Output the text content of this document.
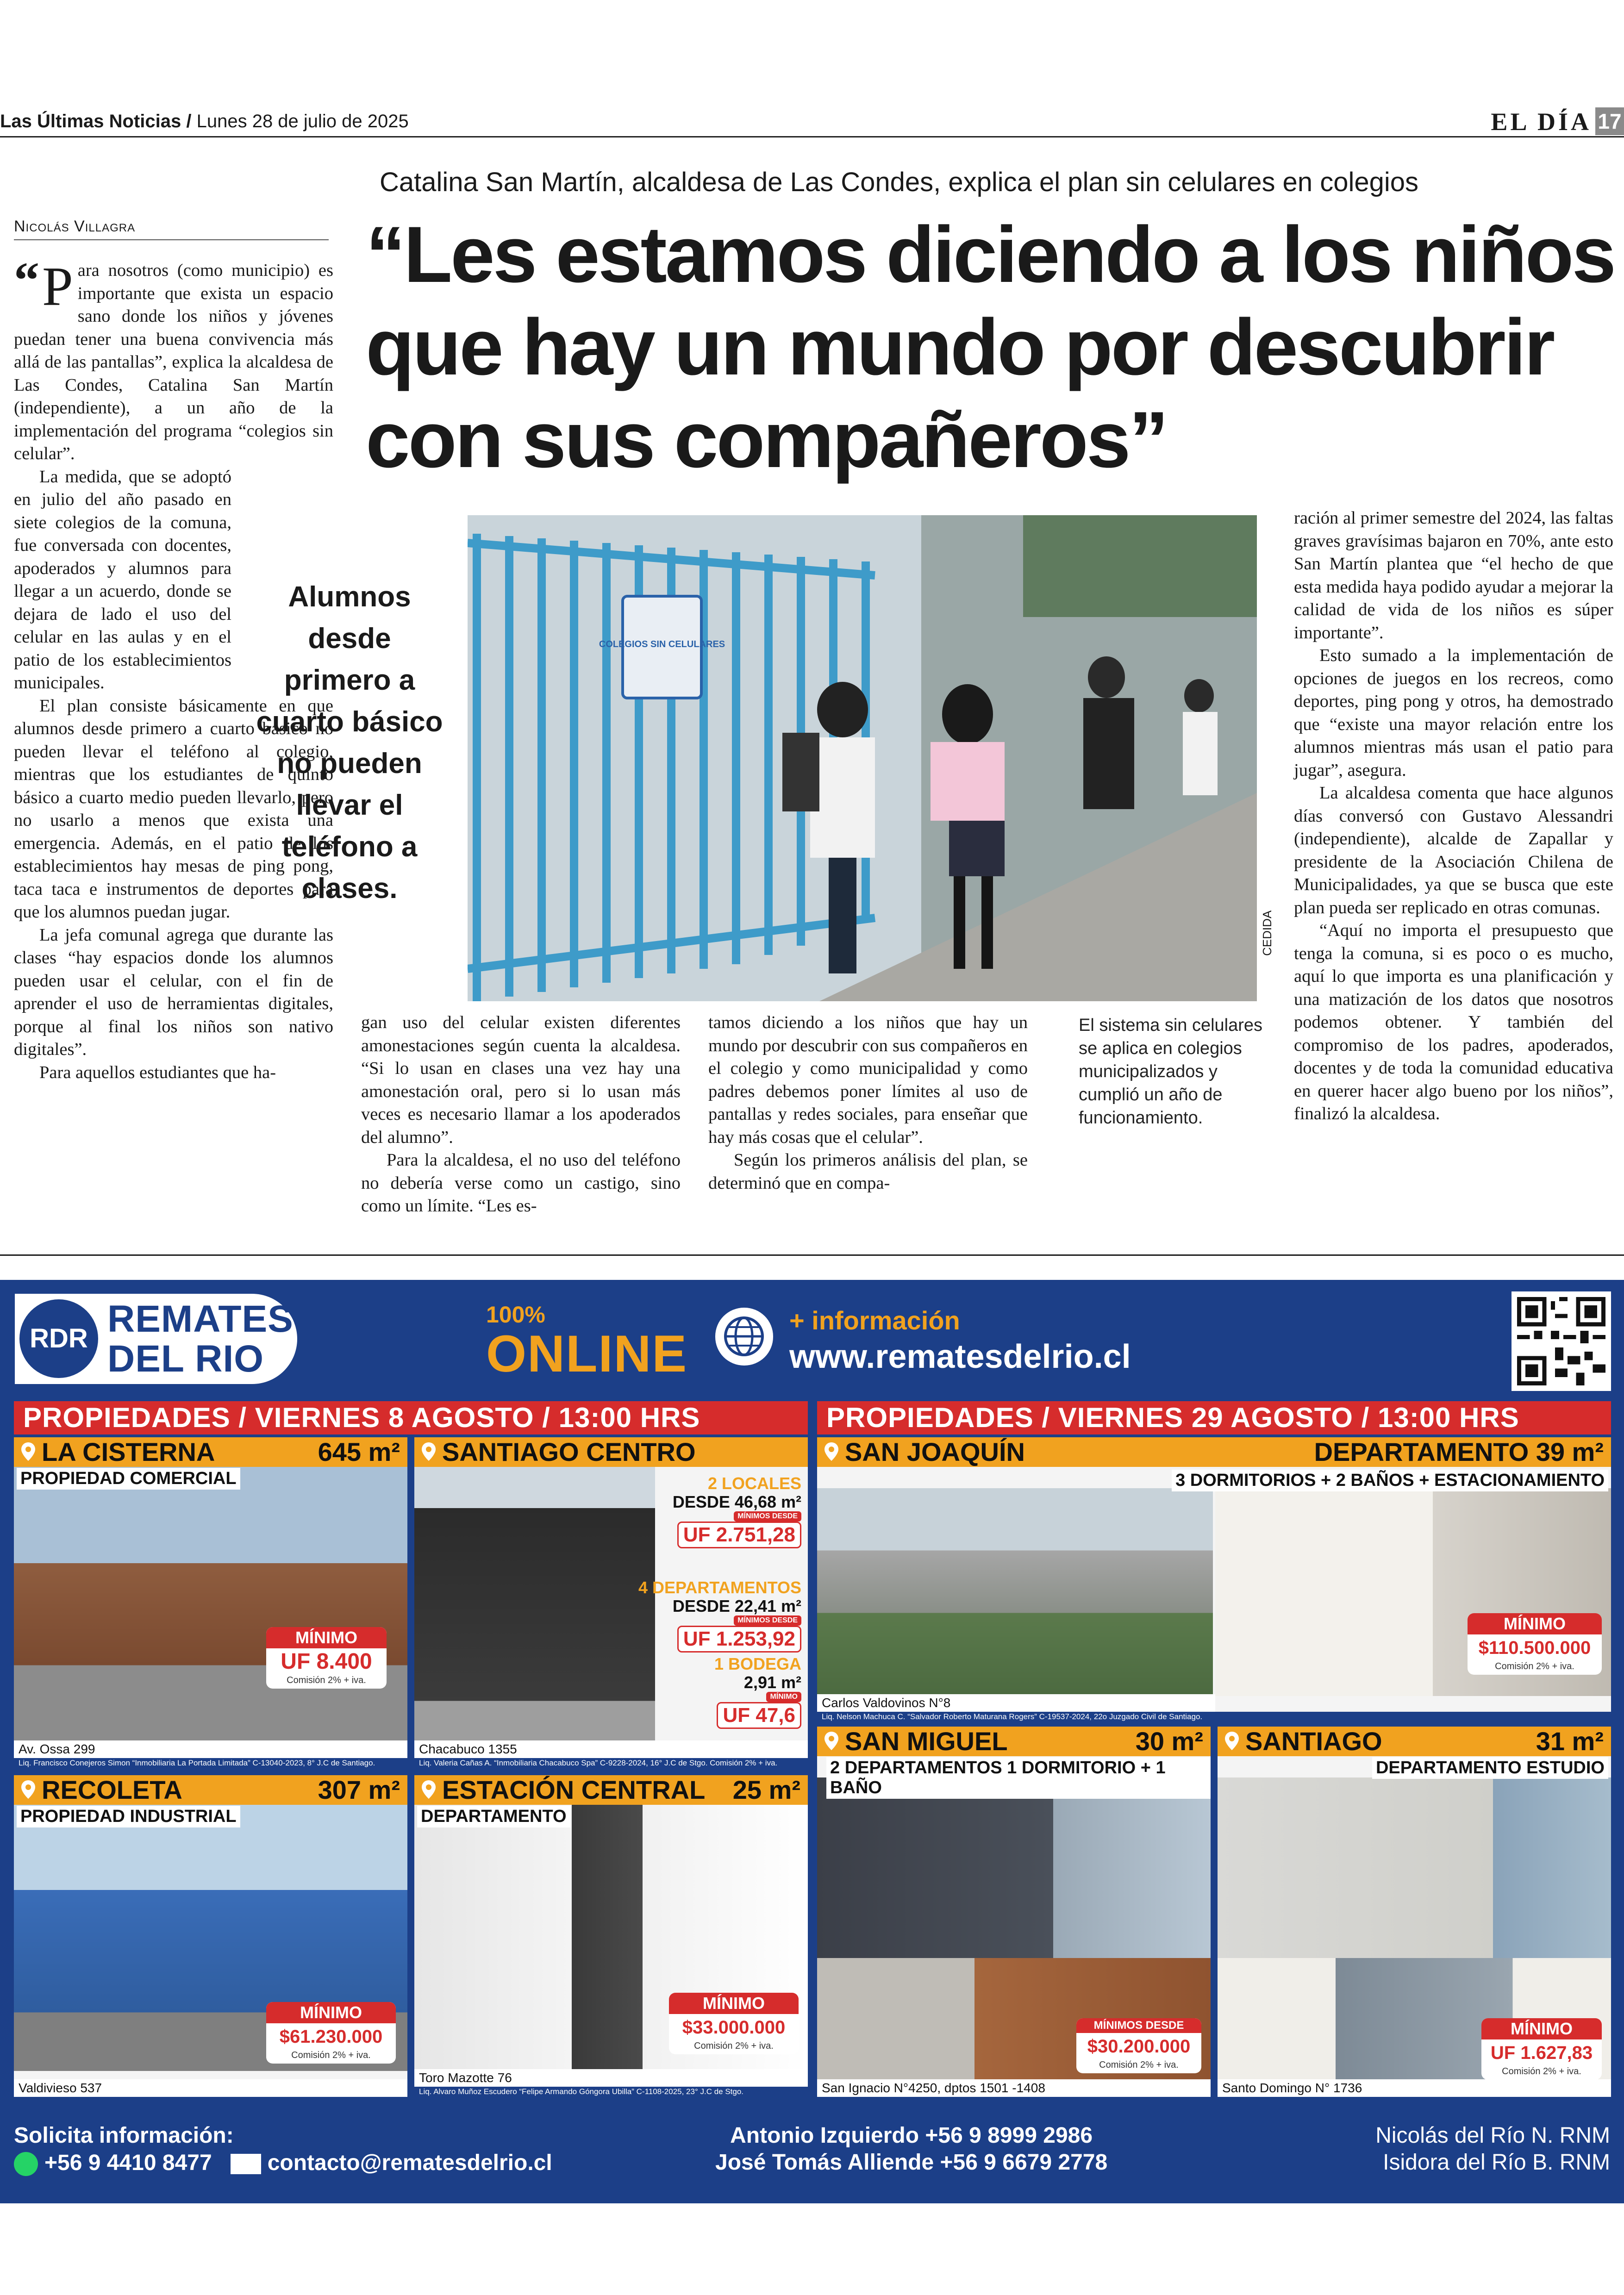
Las Últimas Noticias / Lunes 28 de julio de 2025	EL DÍA 17
Catalina San Martín, alcaldesa de Las Condes, explica el plan sin celulares en colegios
Nicolás Villagra	“Les estamos diciendo a los niños que hay un mundo por descubrir con sus compañeros”

“ P ara nosotros (como municipio) es importante que exista un espacio sano donde los niños y jóvenes puedan tener una buena convivencia más allá de las pantallas”, explica la alcaldesa de Las Condes, Catalina San Martín (independiente), a un año de la implementación del programa “colegios sin celular”.

La medida, que se adoptó en julio del año pasado en siete colegios de la comuna, fue conversada con docentes, apoderados y alumnos para llegar a un acuerdo, donde se dejara de lado el uso del celular en las aulas y en el patio de los establecimientos municipales.

El plan consiste básicamente en que alumnos desde primero a cuarto básico no pueden llevar el teléfono al colegio, mientras que los estudiantes de quinto básico a cuarto medio pueden llevarlo, pero no usarlo a menos que exista una emergencia. Además, en el patio de los establecimientos hay mesas de ping pong, taca taca e instrumentos de deportes para que los alumnos puedan jugar.

La jefa comunal agrega que durante las clases “hay espacios donde los alumnos pueden usar el celular, con el fin de aprender el uso de herramientas digitales, porque al final los niños son nativo digitales”.

Para aquellos estudiantes que ha-

Alumnos desde primero a cuarto básico no pueden llevar el teléfono a clases.
COLEGIOS SIN CELULARES
CEDIDA

gan uso del celular existen diferentes amonestaciones según cuenta la alcaldesa. “Si lo usan en clases una vez hay una amonestación oral, pero si lo usan más veces es necesario llamar a los apoderados del alumno”.

Para la alcaldesa, el no uso del teléfono no debería verse como un castigo, sino como un límite. “Les es-

tamos diciendo a los niños que hay un mundo por descubrir con sus compañeros en el colegio y como municipalidad y como padres debemos poner límites al uso de pantallas y redes sociales, para enseñar que hay más cosas que el celular”.

Según los primeros análisis del plan, se determinó que en compa-

El sistema sin celulares se aplica en colegios municipalizados y cumplió un año de funcionamiento.

ración al primer semestre del 2024, las faltas graves gravísimas bajaron en 70%, ante esto San Martín plantea que “el hecho de que esta medida haya podido ayudar a mejorar la calidad de vida de los niños es súper importante”.

Esto sumado a la implementación de opciones de juegos en los recreos, como deportes, ping pong y otros, ha demostrado que “existe una mayor relación entre los alumnos mientras más usan el patio para jugar”, asegura.

La alcaldesa comenta que hace algunos días conversó con Gustavo Alessandri (independiente), alcalde de Zapallar y presidente de la Asociación Chilena de Municipalidades, ya que se busca que este plan pueda ser replicado en otras comunas.

“Aquí no importa el presupuesto que tenga la comuna, si es poco o es mucho, aquí lo que importa es una planificación y una matización de los datos que nosotros podemos obtener. Y también del compromiso de los padres, apoderados, docentes y de toda la comunidad educativa en querer hacer algo bueno por los niños”, finalizó la alcaldesa.

RDR REMATES
DEL RIO
100%
ONLINE
+ información
www.rematesdelrio.cl
PROPIEDADES / VIERNES 8 AGOSTO / 13:00 HRS	PROPIEDADES / VIERNES 29 AGOSTO / 13:00 HRS
LA CISTERNA	645 m²
PROPIEDAD COMERCIAL
MÍNIMO
UF 8.400
Comisión 2% + iva.
Av. Ossa 299
Liq. Francisco Conejeros Simon “Inmobiliaria La Portada Limitada” C-13040-2023, 8° J.C de Santiago.
SANTIAGO CENTRO
2 LOCALES
DESDE 46,68 m²
MÍNIMOS DESDE
UF 2.751,28
4 DEPARTAMENTOS
DESDE 22,41 m²
MÍNIMOS DESDE
UF 1.253,92
1 BODEGA
2,91 m²
MÍNIMO
UF 47,6
Chacabuco 1355
Liq. Valeria Cañas A. “Inmobiliaria Chacabuco Spa” C-9228-2024, 16° J.C de Stgo. Comisión 2% + iva.
SAN JOAQUÍN	DEPARTAMENTO 39 m²
3 DORMITORIOS + 2 BAÑOS + ESTACIONAMIENTO
MÍNIMO
$110.500.000
Comisión 2% + iva.
Carlos Valdovinos N°8
Liq. Nelson Machuca C. “Salvador Roberto Maturana Rogers” C-19537-2024, 22o Juzgado Civil de Santiago.
RECOLETA	307 m²
PROPIEDAD INDUSTRIAL
MÍNIMO
$61.230.000
Comisión 2% + iva.
Valdivieso 537
ESTACIÓN CENTRAL 25 m²
DEPARTAMENTO
MÍNIMO
$33.000.000
Comisión 2% + iva.
Toro Mazotte 76
Liq. Alvaro Muñoz Escudero “Felipe Armando Góngora Ubilla” C-1108-2025, 23° J.C de Stgo.
SAN MIGUEL	30 m²
2 DEPARTAMENTOS 1 DORMITORIO + 1 BAÑO
MÍNIMOS DESDE
$30.200.000
Comisión 2% + iva.
San Ignacio N°4250, dptos 1501 -1408
SANTIAGO	31 m²
DEPARTAMENTO ESTUDIO
MÍNIMO
UF 1.627,83
Comisión 2% + iva.
Santo Domingo N° 1736
Solicita información:
+56 9 4410 8477	contacto@rematesdelrio.cl
Antonio Izquierdo +56 9 8999 2986
José Tomás Alliende +56 9 6679 2778
Nicolás del Río N. RNM
Isidora del Río B. RNM
